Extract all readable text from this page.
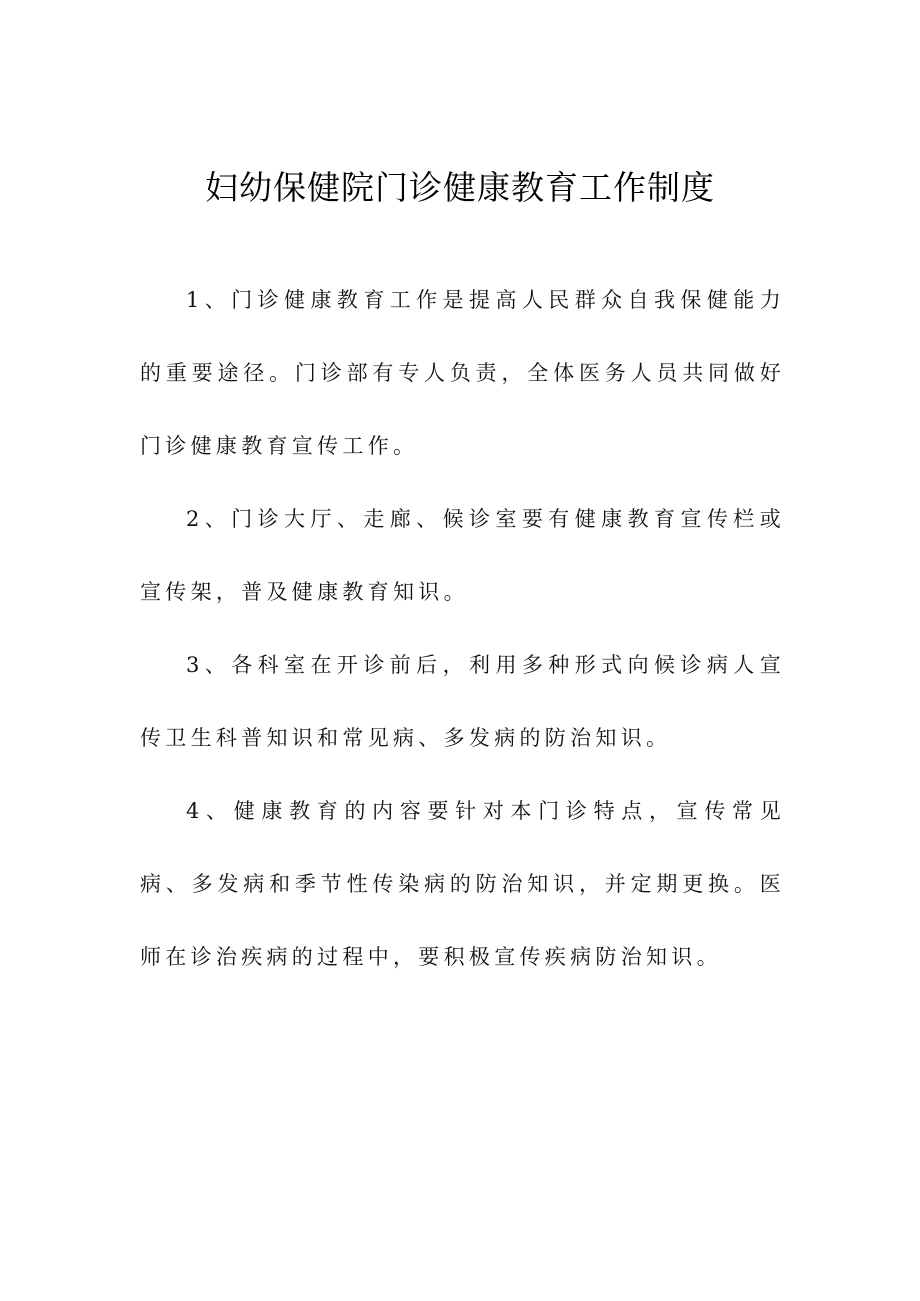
妇幼保健院门诊健康教育工作制度

1、门诊健康教育工作是提高人民群众自我保健能力的重要途径。门诊部有专人负责，全体医务人员共同做好门诊健康教育宣传工作。

2、门诊大厅、走廊、候诊室要有健康教育宣传栏或宣传架，普及健康教育知识。

3、各科室在开诊前后，利用多种形式向候诊病人宣传卫生科普知识和常见病、多发病的防治知识。

4、健康教育的内容要针对本门诊特点，宣传常见病、多发病和季节性传染病的防治知识，并定期更换。医师在诊治疾病的过程中，要积极宣传疾病防治知识。
